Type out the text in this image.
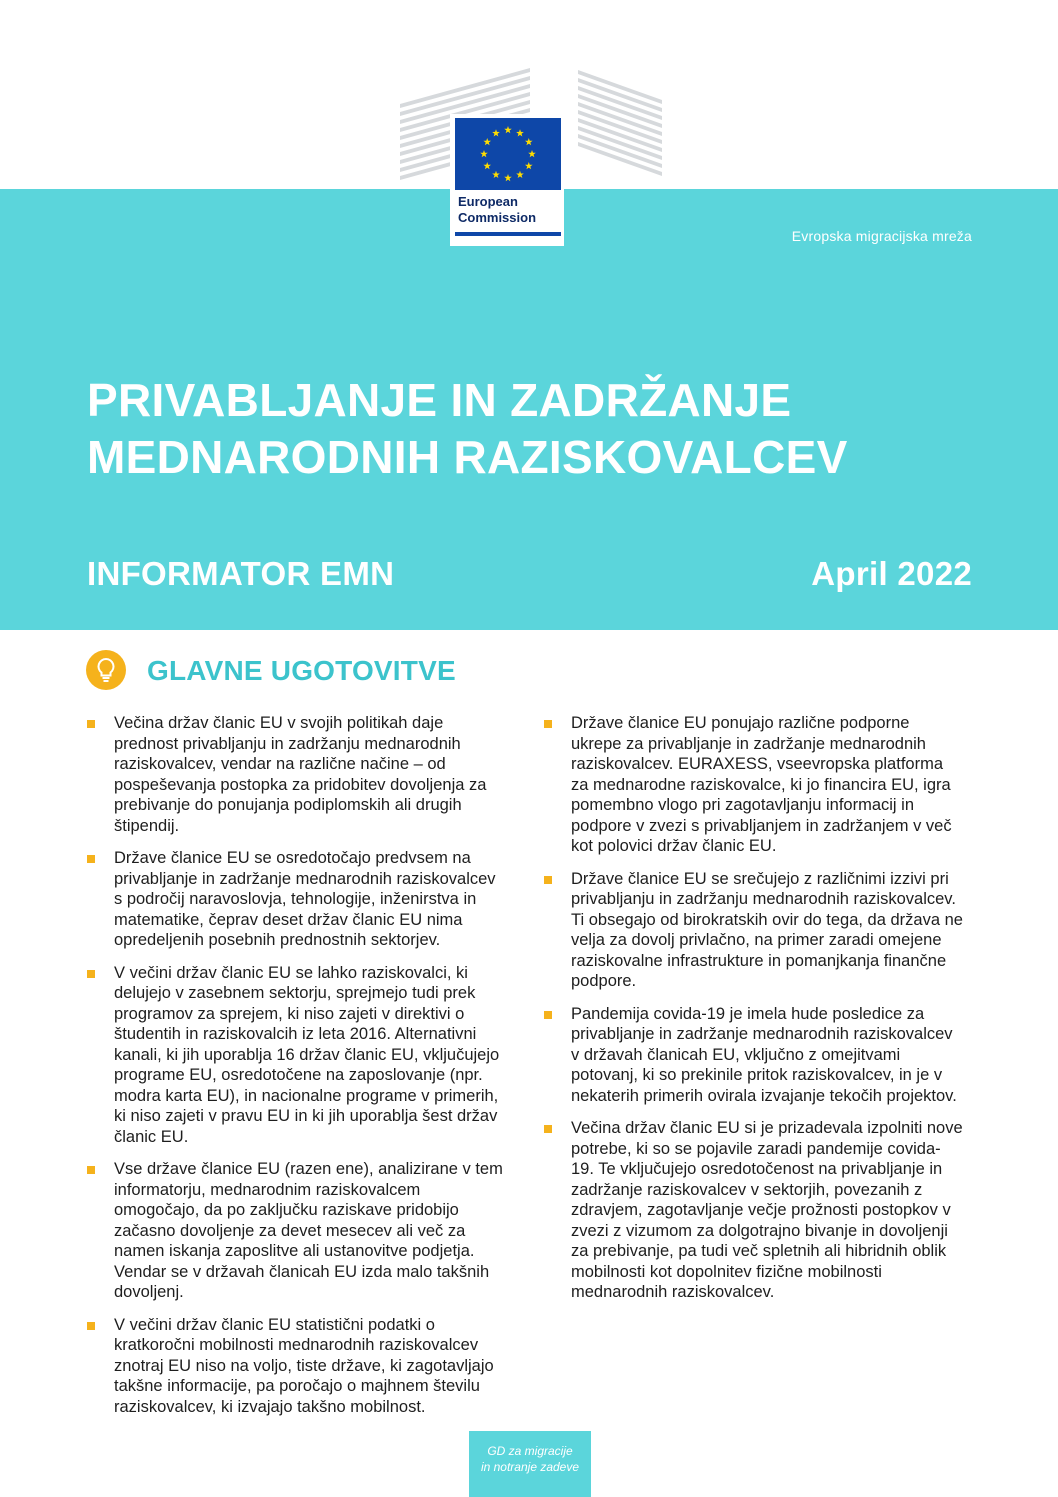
European
Commission
Evropska migracijska mreža
PRIVABLJANJE IN ZADRŽANJE
MEDNARODNIH RAZISKOVALCEV
INFORMATOR EMN	April 2022
GLAVNE UGOTOVITVE
Večina držav članic EU v svojih politikah daje prednost privabljanju in zadržanju mednarodnih raziskovalcev, vendar na različne načine – od pospeševanja postopka za pridobitev dovoljenja za prebivanje do ponujanja podiplomskih ali drugih štipendij.
Države članice EU se osredotočajo predvsem na privabljanje in zadržanje mednarodnih raziskovalcev s področij naravoslovja, tehnologije, inženirstva in matematike, čeprav deset držav članic EU nima opredeljenih posebnih prednostnih sektorjev.
V večini držav članic EU se lahko raziskovalci, ki delujejo v zasebnem sektorju, sprejmejo tudi prek programov za sprejem, ki niso zajeti v direktivi o študentih in raziskovalcih iz leta 2016. Alternativni kanali, ki jih uporablja 16 držav članic EU, vključujejo programe EU, osredotočene na zaposlovanje (npr. modra karta EU), in nacionalne programe v primerih, ki niso zajeti v pravu EU in ki jih uporablja šest držav članic EU.
Vse države članice EU (razen ene), analizirane v tem informatorju, mednarodnim raziskovalcem omogočajo, da po zaključku raziskave pridobijo začasno dovoljenje za devet mesecev ali več za namen iskanja zaposlitve ali ustanovitve podjetja. Vendar se v državah članicah EU izda malo takšnih dovoljenj.
V večini držav članic EU statistični podatki o kratkoročni mobilnosti mednarodnih raziskovalcev znotraj EU niso na voljo, tiste države, ki zagotavljajo takšne informacije, pa poročajo o majhnem številu raziskovalcev, ki izvajajo takšno mobilnost.
Države članice EU ponujajo različne podporne ukrepe za privabljanje in zadržanje mednarodnih raziskovalcev. EURAXESS, vseevropska platforma za mednarodne raziskovalce, ki jo financira EU, igra pomembno vlogo pri zagotavljanju informacij in podpore v zvezi s privabljanjem in zadržanjem v več kot polovici držav članic EU.
Države članice EU se srečujejo z različnimi izzivi pri privabljanju in zadržanju mednarodnih raziskovalcev. Ti obsegajo od birokratskih ovir do tega, da država ne velja za dovolj privlačno, na primer zaradi omejene raziskovalne infrastrukture in pomanjkanja finančne podpore.
Pandemija covida-19 je imela hude posledice za privabljanje in zadržanje mednarodnih raziskovalcev v državah članicah EU, vključno z omejitvami potovanj, ki so prekinile pritok raziskovalcev, in je v nekaterih primerih ovirala izvajanje tekočih projektov.
Večina držav članic EU si je prizadevala izpolniti nove potrebe, ki so se pojavile zaradi pandemije covida-19. Te vključujejo osredotočenost na privabljanje in zadržanje raziskovalcev v sektorjih, povezanih z zdravjem, zagotavljanje večje prožnosti postopkov v zvezi z vizumom za dolgotrajno bivanje in dovoljenji za prebivanje, pa tudi več spletnih ali hibridnih oblik mobilnosti kot dopolnitev fizične mobilnosti mednarodnih raziskovalcev.
GD za migracije
in notranje zadeve
